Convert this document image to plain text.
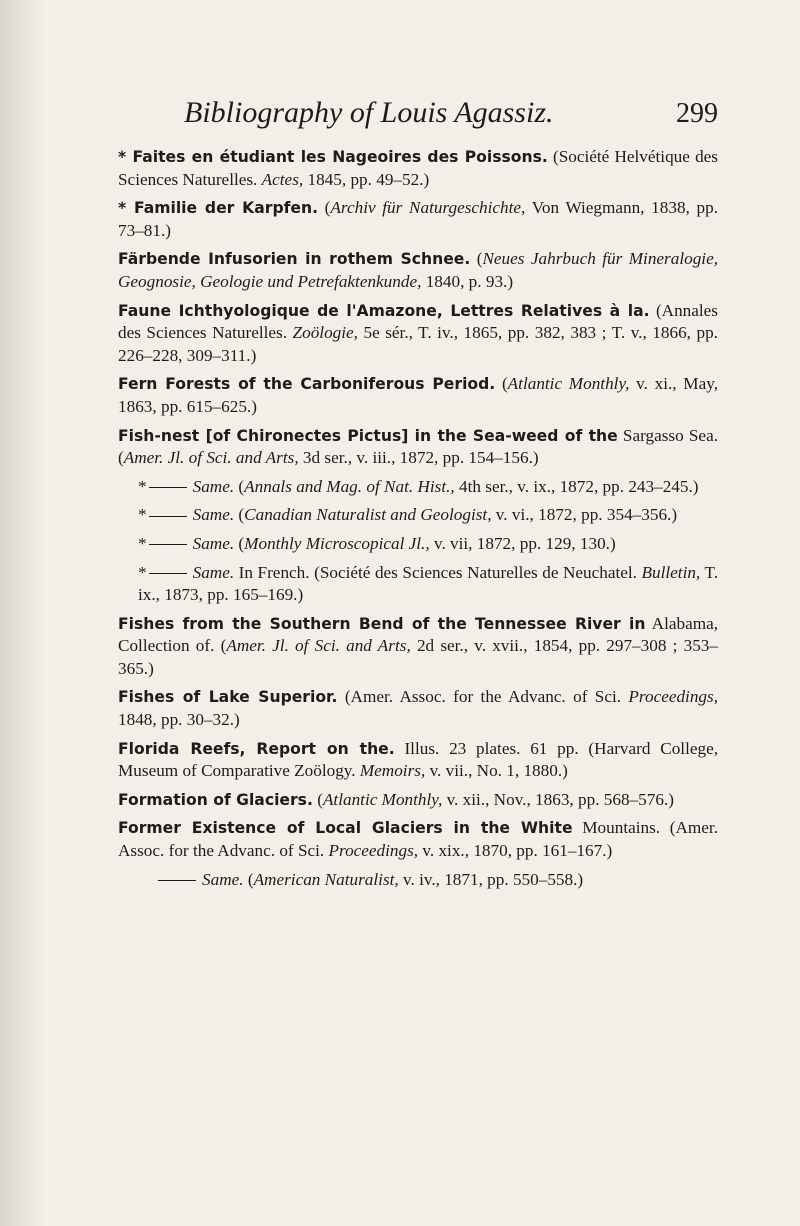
Bibliography of Louis Agassiz.	299

* Faites en étudiant les Nageoires des Poissons. (Société Helvétique des Sciences Naturelles. Actes, 1845, pp. 49–52.)

* Familie der Karpfen. (Archiv für Naturgeschichte, Von Wiegmann, 1838, pp. 73–81.)

Färbende Infusorien in rothem Schnee. (Neues Jahrbuch für Mineralogie, Geognosie, Geologie und Petrefaktenkunde, 1840, p. 93.)

Faune Ichthyologique de l'Amazone, Lettres Relatives à la. (Annales des Sciences Naturelles. Zoölogie, 5e sér., T. iv., 1865, pp. 382, 383 ; T. v., 1866, pp. 226–228, 309–311.)

Fern Forests of the Carboniferous Period. (Atlantic Monthly, v. xi., May, 1863, pp. 615–625.)

Fish-nest [of Chironectes Pictus] in the Sea-weed of the Sargasso Sea. (Amer. Jl. of Sci. and Arts, 3d ser., v. iii., 1872, pp. 154–156.)

*	Same. (Annals and Mag. of Nat. Hist., 4th ser., v. ix., 1872, pp. 243–245.)

*	Same. (Canadian Naturalist and Geologist, v. vi., 1872, pp. 354–356.)

*	Same. (Monthly Microscopical Jl., v. vii, 1872, pp. 129, 130.)

*	Same. In French. (Société des Sciences Naturelles de Neuchatel. Bulletin, T. ix., 1873, pp. 165–169.)

Fishes from the Southern Bend of the Tennessee River in Alabama, Collection of. (Amer. Jl. of Sci. and Arts, 2d ser., v. xvii., 1854, pp. 297–308 ; 353–365.)

Fishes of Lake Superior. (Amer. Assoc. for the Advanc. of Sci. Proceedings, 1848, pp. 30–32.)

Florida Reefs, Report on the. Illus. 23 plates. 61 pp. (Harvard College, Museum of Comparative Zoölogy. Memoirs, v. vii., No. 1, 1880.)

Formation of Glaciers. (Atlantic Monthly, v. xii., Nov., 1863, pp. 568–576.)

Former Existence of Local Glaciers in the White Mountains. (Amer. Assoc. for the Advanc. of Sci. Proceedings, v. xix., 1870, pp. 161–167.)

Same. (American Naturalist, v. iv., 1871, pp. 550–558.)
